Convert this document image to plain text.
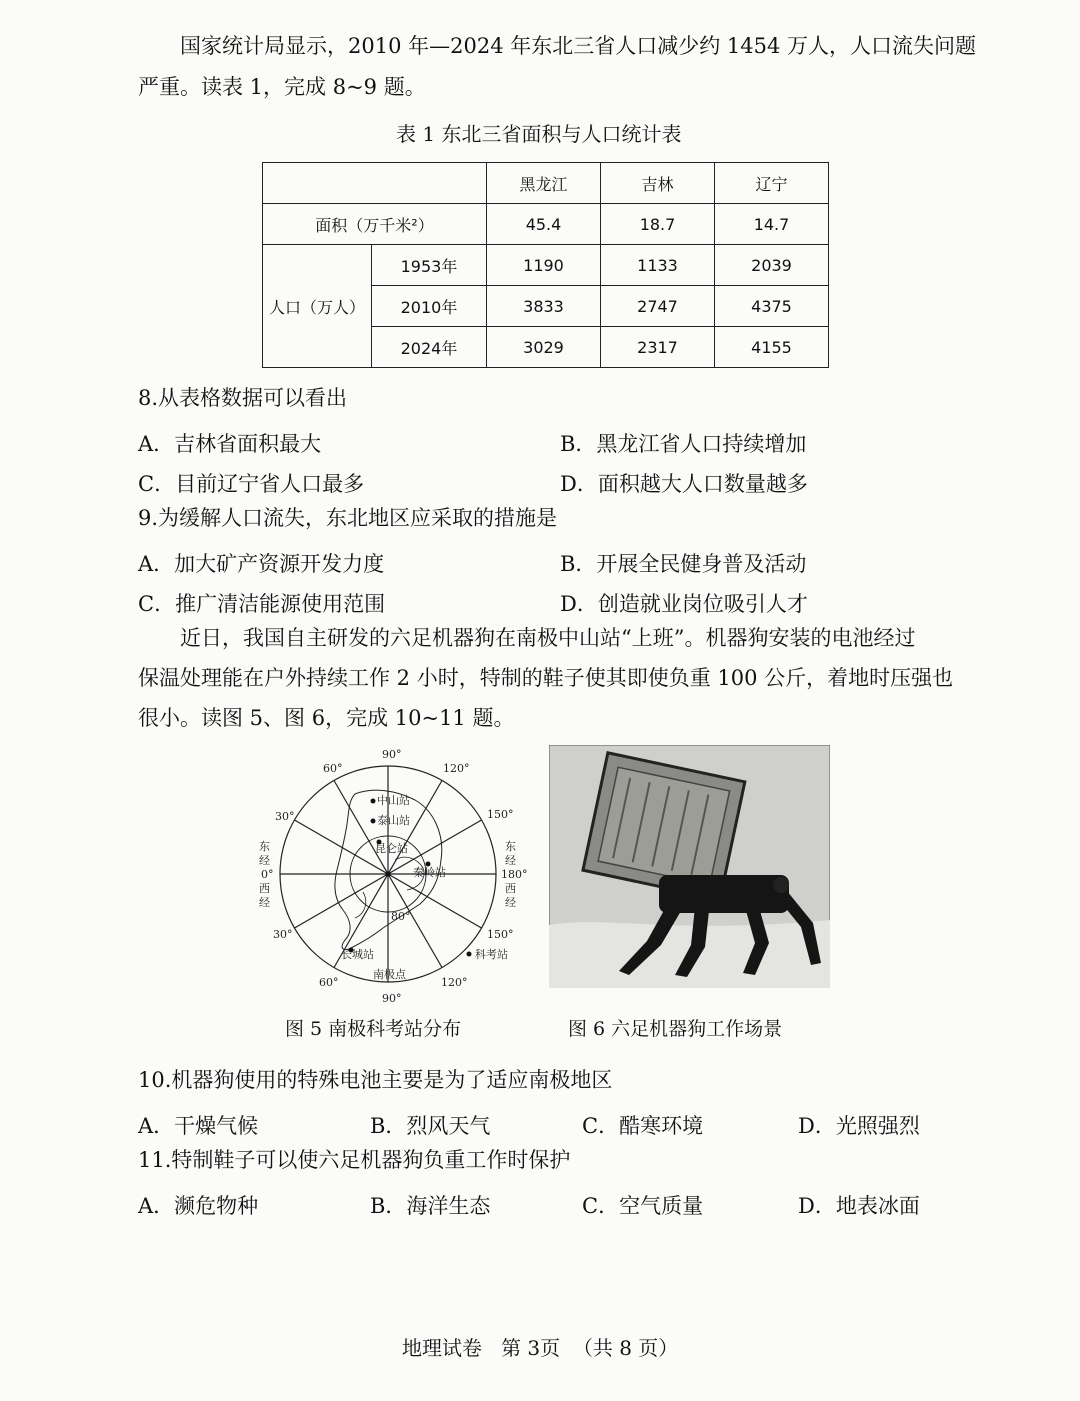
国家统计局显示，2010 年—2024 年东北三省人口减少约 1454 万人，人口流失问题
严重。读表 1，完成 8~9 题。
表 1 东北三省面积与人口统计表
		黑龙江	吉林	辽宁
面积（万千米²）		45.4	18.7	14.7
人口（万人）	1953年	1190	1133	2039
	2010年	3833	2747	4375
	2024年	3029	2317	4155
8.从表格数据可以看出
A．吉林省面积最大	B．黑龙江省人口持续增加
C．目前辽宁省人口最多	D．面积越大人口数量越多
9.为缓解人口流失，东北地区应采取的措施是
A．加大矿产资源开发力度	B．开展全民健身普及活动
C．推广清洁能源使用范围	D．创造就业岗位吸引人才
近日，我国自主研发的六足机器狗在南极中山站“上班”。机器狗安装的电池经过
保温处理能在户外持续工作 2 小时，特制的鞋子使其即使负重 100 公斤，着地时压强也
很小。读图 5、图 6，完成 10~11 题。
90°
60°	120°
30°	150°
东
经
0°
西
经
东
经
180°
西
经
30°	150°
60°	120°
90°
80°
中山站
泰山站
昆仑站
秦岭站
长城站
南极点
科考站
图 5 南极科考站分布	图 6 六足机器狗工作场景
10.机器狗使用的特殊电池主要是为了适应南极地区
A．干燥气候	B．烈风天气	C．酷寒环境	D．光照强烈
11.特制鞋子可以使六足机器狗负重工作时保护
A．濒危物种	B．海洋生态	C．空气质量	D．地表冰面
地理试卷   第 3页  （共 8 页）
